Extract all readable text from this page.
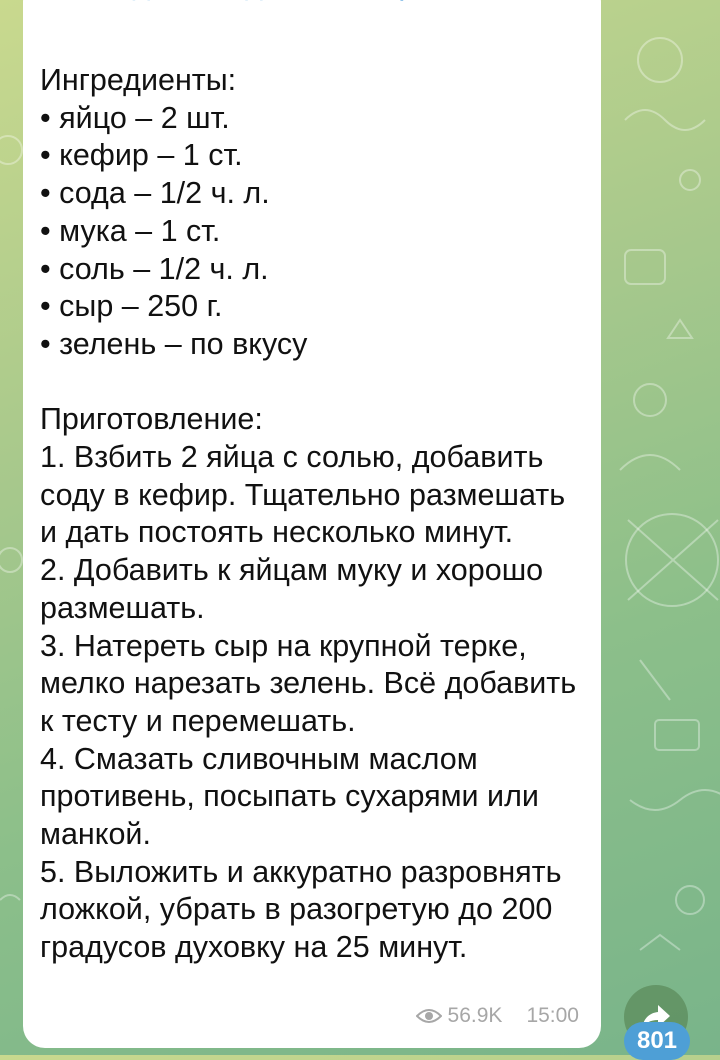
Ингредиенты:

• яйцо – 2 шт.
• кефир – 1 ст.
• сода – 1/2 ч. л.
• мука – 1 ст.
• соль – 1/2 ч. л.
• сыр – 250 г.
• зелень – по вкусу

Приготовление:

1. Взбить 2 яйца с солью, добавить соду в кефир. Тщательно размешать и дать постоять несколько минут.

2. Добавить к яйцам муку и хорошо размешать.

3. Натереть сыр на крупной терке, мелко нарезать зелень. Всё добавить к тесту и перемешать.

4. Смазать сливочным маслом противень, посыпать сухарями или манкой.

5. Выложить и аккуратно разровнять ложкой, убрать в разогретую до 200 градусов духовку на 25 минут.

56.9K 15:00
801
